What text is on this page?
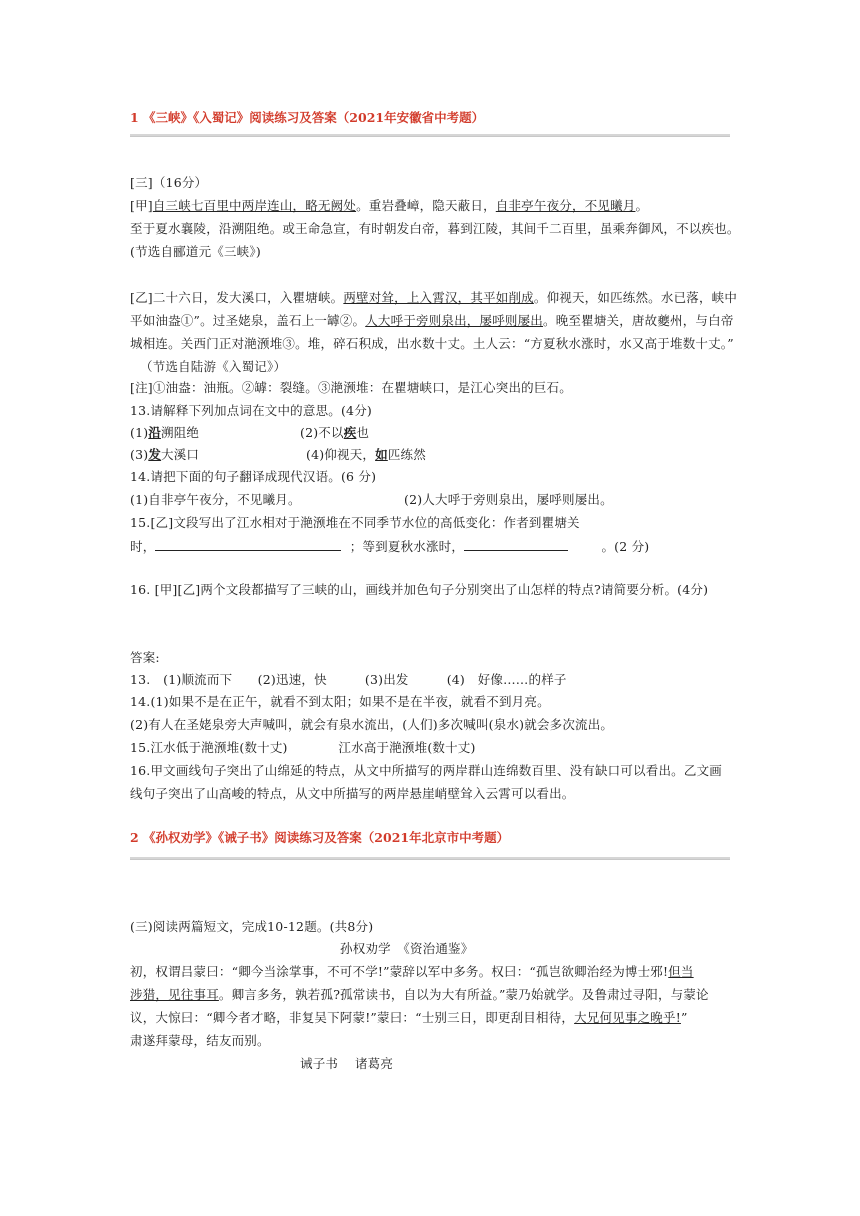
1 《三峡》《入蜀记》阅读练习及答案（2021年安徽省中考题）
[三]（16分）
[甲]自三峡七百里中两岸连山，略无阙处。重岩叠嶂，隐天蔽日，自非亭午夜分，不见曦月。
至于夏水襄陵，沿溯阻绝。或王命急宣，有时朝发白帝，暮到江陵，其间千二百里，虽乘奔御风，不以疾也。
(节选自郦道元《三峡》)
[乙]二十六日，发大溪口，入瞿塘峡。两壁对耸，上入霄汉，其平如削成。仰视天，如匹练然。水已落，峡中
平如油盎①”。过圣姥泉，盖石上一罅②。人大呼于旁则泉出，屡呼则屡出。晚至瞿塘关，唐故夔州，与白帝
城相连。关西门正对滟滪堆③。堆，碎石积成，出水数十丈。土人云：“方夏秋水涨时，水又高于堆数十丈。”
（节选自陆游《入蜀记》）
[注]①油盎：油瓶。②罅：裂缝。③滟滪堆：在瞿塘峡口，是江心突出的巨石。
13.请解释下列加点词在文中的意思。(4分)
(1)沿溯阻绝	(2)不以疾也
(3)发大溪口	(4)仰视天，如匹练然
14.请把下面的句子翻译成现代汉语。(6 分)
(1)自非亭午夜分，不见曦月。	(2)人大呼于旁则泉出，屡呼则屡出。
15.[乙]文段写出了江水相对于滟滪堆在不同季节水位的高低变化：作者到瞿塘关
时，	；等到夏秋水涨时，	。(2 分)
16. [甲][乙]两个文段都描写了三峡的山，画线并加色句子分别突出了山怎样的特点?请简要分析。(4分)
答案:
13.　(1)顺流而下　　(2)迅速，快　　　(3)出发　　　(4)　好像……的样子
14.(1)如果不是在正午，就看不到太阳；如果不是在半夜，就看不到月亮。
(2)有人在圣姥泉旁大声喊叫，就会有泉水流出，(人们)多次喊叫(泉水)就会多次流出。
15.江水低于滟滪堆(数十丈)　　　　江水高于滟滪堆(数十丈)
16.甲文画线句子突出了山绵延的特点，从文中所描写的两岸群山连绵数百里、没有缺口可以看出。乙文画
线句子突出了山高峻的特点，从文中所描写的两岸悬崖峭壁耸入云霄可以看出。
2 《孙权劝学》《诫子书》阅读练习及答案（2021年北京市中考题）
(三)阅读两篇短文，完成10-12题。(共8分)
孙权劝学　《资治通鉴》
初，权谓吕蒙曰：“卿今当涂掌事，不可不学!”蒙辞以军中多务。权曰：“孤岂欲卿治经为博士邪!但当
涉猎，见往事耳。卿言多务，孰若孤?孤常读书，自以为大有所益。”蒙乃始就学。及鲁肃过寻阳，与蒙论
议，大惊曰：“卿今者才略，非复吴下阿蒙!”蒙曰：“士别三日，即更刮目相待，大兄何见事之晚乎!”
肃遂拜蒙母，结友而别。
诫子书　 诸葛亮
